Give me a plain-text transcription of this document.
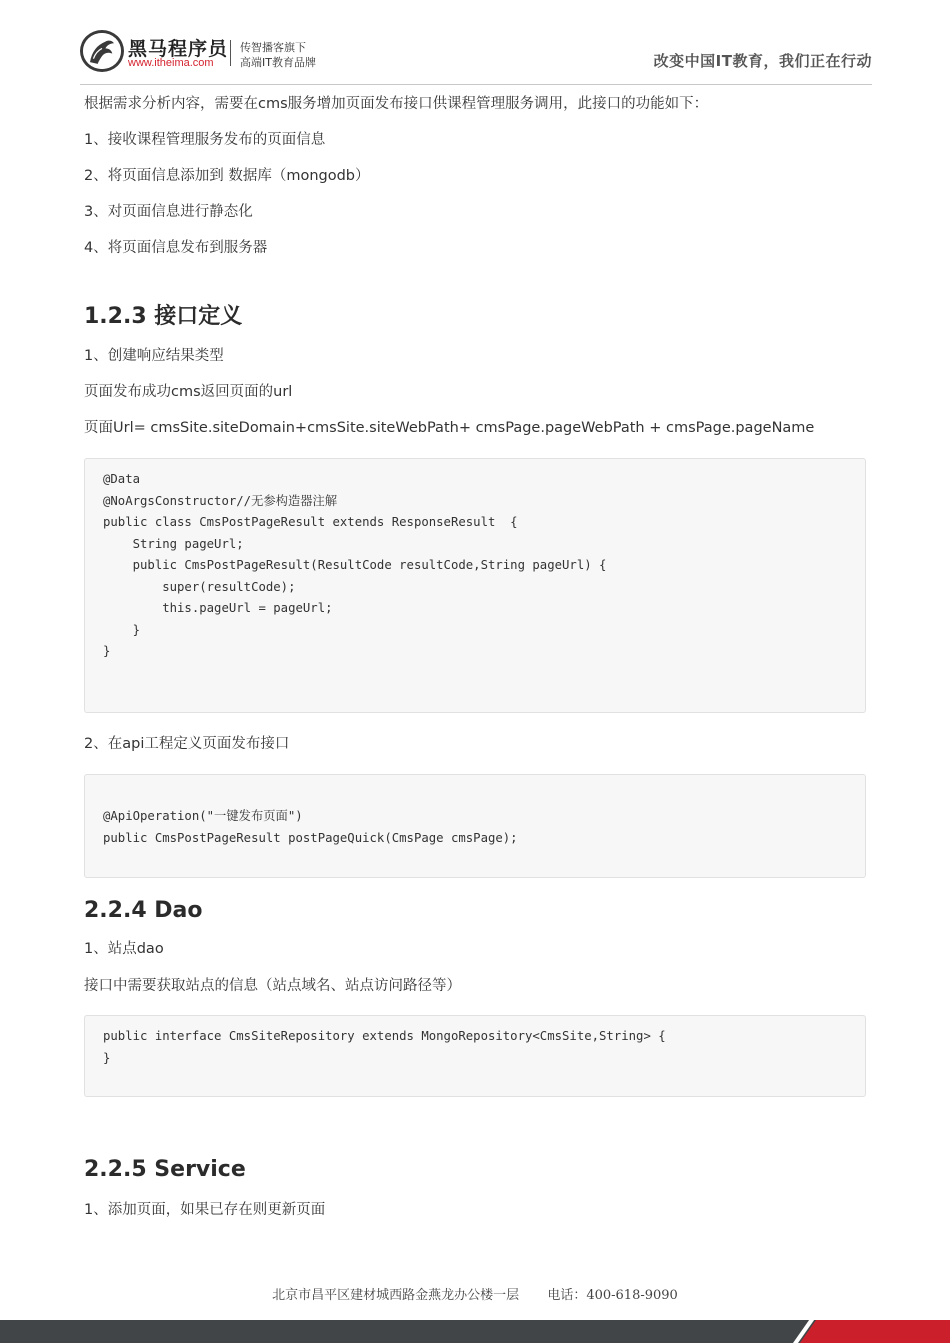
黑马程序员
www.itheima.com
传智播客旗下
高端IT教育品牌	改变中国IT教育，我们正在行动
根据需求分析内容，需要在cms服务增加页面发布接口供课程管理服务调用，此接口的功能如下：
1、接收课程管理服务发布的页面信息
2、将页面信息添加到 数据库（mongodb）
3、对页面信息进行静态化
4、将页面信息发布到服务器
1.2.3 接口定义
1、创建响应结果类型
页面发布成功cms返回页面的url
页面Url= cmsSite.siteDomain+cmsSite.siteWebPath+ cmsPage.pageWebPath + cmsPage.pageName
@Data
@NoArgsConstructor//无参构造器注解
public class CmsPostPageResult extends ResponseResult  {
String pageUrl;
public CmsPostPageResult(ResultCode resultCode,String pageUrl) {
super(resultCode);
this.pageUrl = pageUrl;
}
}
2、在api工程定义页面发布接口
@ApiOperation("一键发布页面")
public CmsPostPageResult postPageQuick(CmsPage cmsPage);
2.2.4 Dao
1、站点dao
接口中需要获取站点的信息（站点域名、站点访问路径等）
public interface CmsSiteRepository extends MongoRepository<CmsSite,String> {
}
2.2.5 Service
1、添加页面，如果已存在则更新页面
北京市昌平区建材城西路金燕龙办公楼一层 电话：400-618-9090
